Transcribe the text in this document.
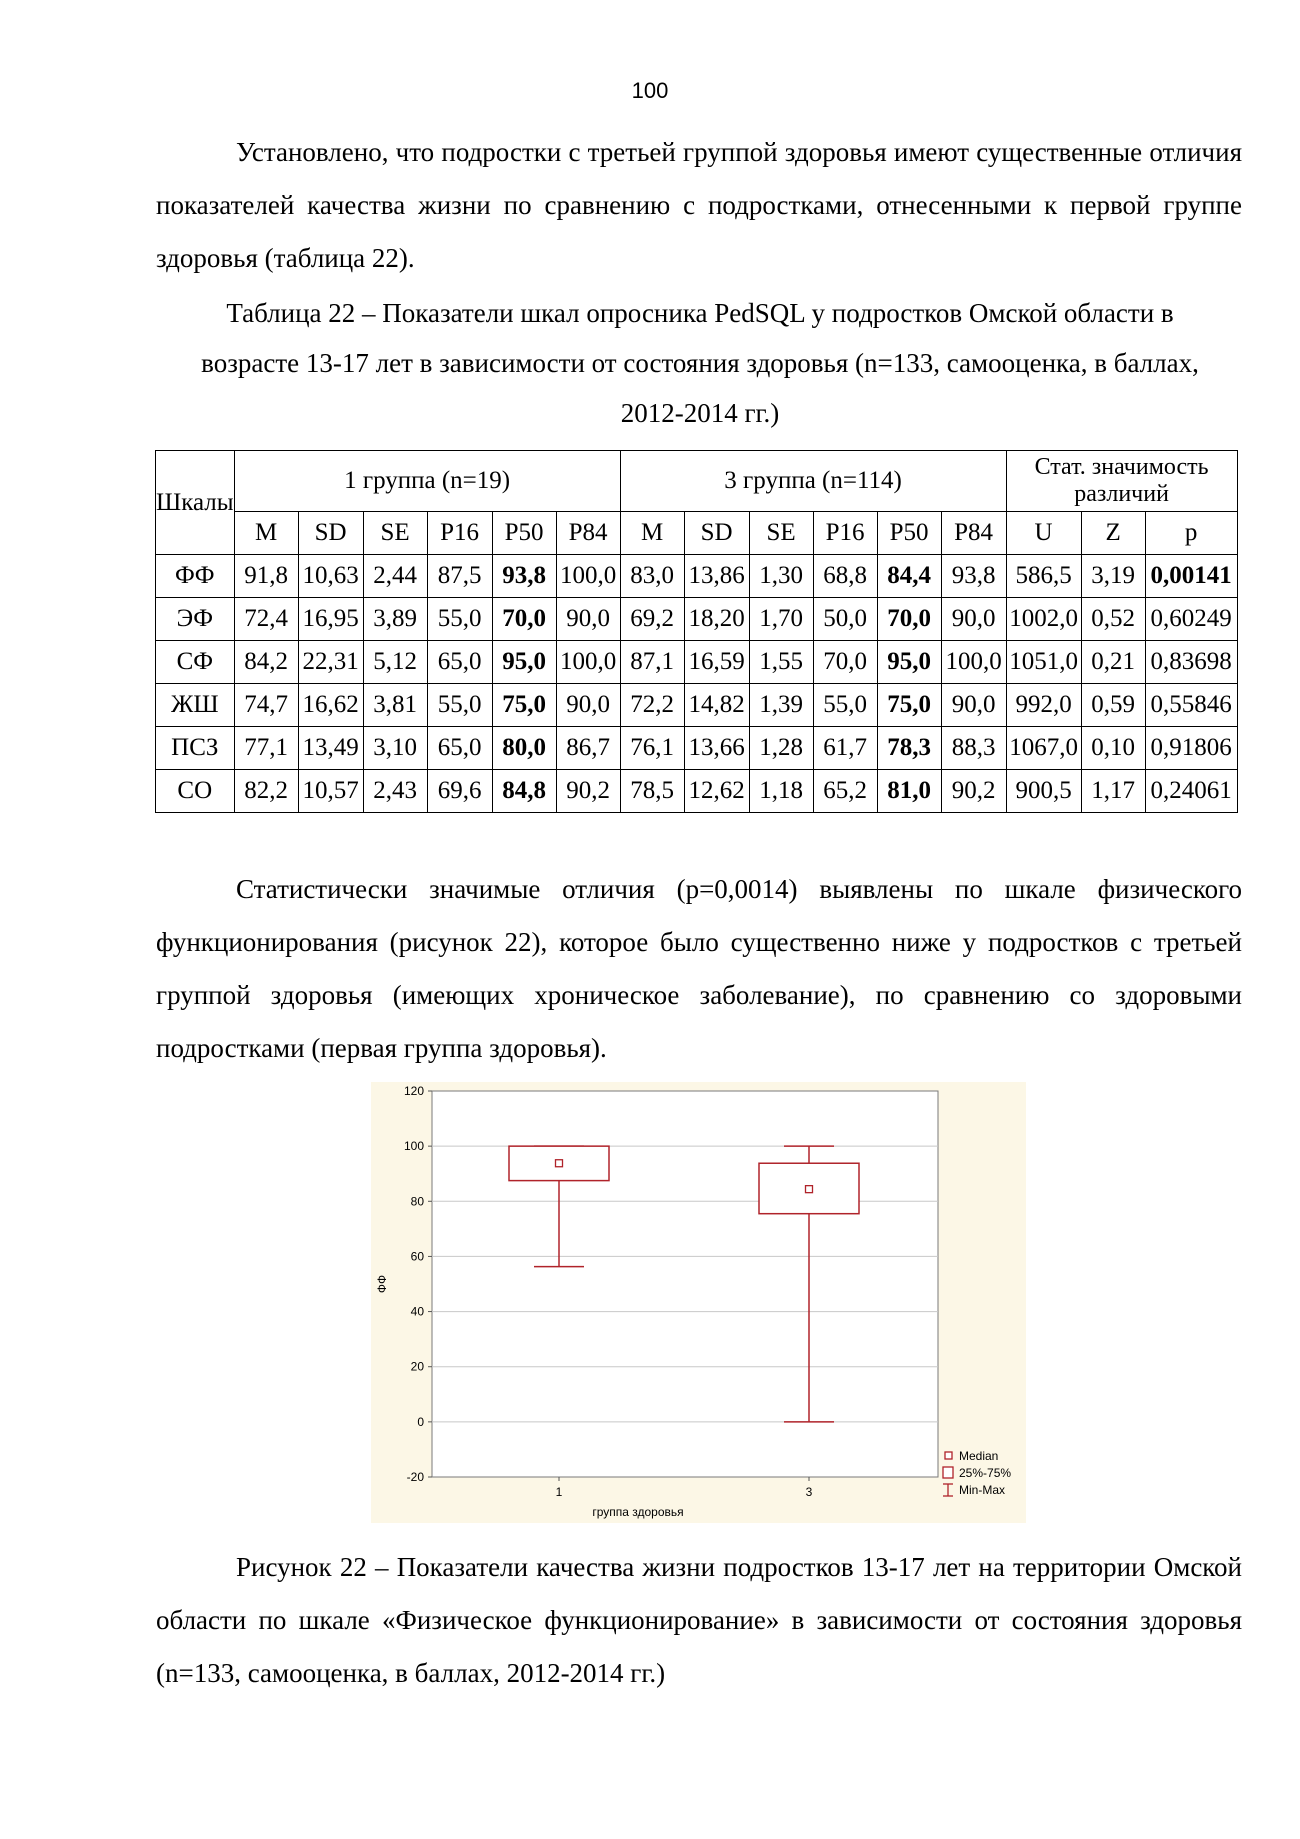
100

Установлено, что подростки с третьей группой здоровья имеют существенные отличия показателей качества жизни по сравнению с подростками, отнесенными к первой группе здоровья (таблица 22).

Таблица 22 – Показатели шкал опросника PedSQL у подростков Омской области в возрасте 13-17 лет в зависимости от состояния здоровья (n=133, самооценка, в баллах, 2012-2014 гг.)

Шкалы	1 группа (n=19)						3 группа (n=114)						Стат. значимость различий		
	M	SD	SE	P16	P50	P84	M	SD	SE	P16	P50	P84	U	Z	p
ФФ	91,8	10,63	2,44	87,5	93,8	100,0	83,0	13,86	1,30	68,8	84,4	93,8	586,5	3,19	0,00141
ЭФ	72,4	16,95	3,89	55,0	70,0	90,0	69,2	18,20	1,70	50,0	70,0	90,0	1002,0	0,52	0,60249
СФ	84,2	22,31	5,12	65,0	95,0	100,0	87,1	16,59	1,55	70,0	95,0	100,0	1051,0	0,21	0,83698
ЖШ	74,7	16,62	3,81	55,0	75,0	90,0	72,2	14,82	1,39	55,0	75,0	90,0	992,0	0,59	0,55846
ПСЗ	77,1	13,49	3,10	65,0	80,0	86,7	76,1	13,66	1,28	61,7	78,3	88,3	1067,0	0,10	0,91806
СО	82,2	10,57	2,43	69,6	84,8	90,2	78,5	12,62	1,18	65,2	81,0	90,2	900,5	1,17	0,24061

Статистически значимые отличия (p=0,0014) выявлены по шкале физического функционирования (рисунок 22), которое было существенно ниже у подростков с третьей группой здоровья (имеющих хроническое заболевание), по сравнению со здоровыми подростками (первая группа здоровья).

-20
0
20
40
60
80
100
120
1	3
группа здоровья
ФФ
Median
25%-75%
Min-Max

Рисунок 22 – Показатели качества жизни подростков 13-17 лет на территории Омской области по шкале «Физическое функционирование» в зависимости от состояния здоровья (n=133, самооценка, в баллах, 2012-2014 гг.)
